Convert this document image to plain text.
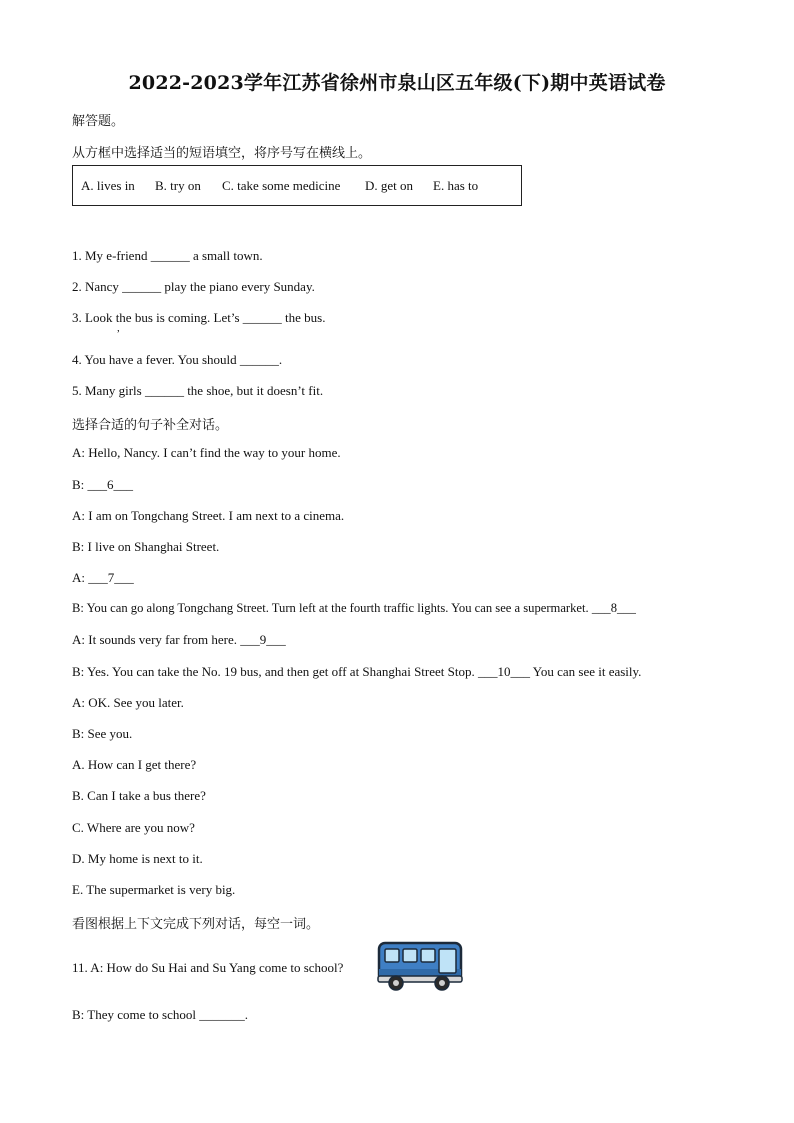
2022-2023学年江苏省徐州市泉山区五年级(下)期中英语试卷
解答题。
从方框中选择适当的短语填空，将序号写在横线上。
A. lives in B. try on C. take some medicine D. get on E. has to
1. My e-friend ______ a small town.
2. Nancy ______ play the piano every Sunday.
3. Look the bus is coming. Let’s ______ the bus.
,
4. You have a fever. You should ______.
5. Many girls ______ the shoe, but it doesn’t fit.
选择合适的句子补全对话。
A: Hello, Nancy. I can’t find the way to your home.
B: ___6___
A: I am on Tongchang Street. I am next to a cinema.
B: I live on Shanghai Street.
A: ___7___
B: You can go along Tongchang Street. Turn left at the fourth traffic lights. You can see a supermarket. ___8___
A: It sounds very far from here. ___9___
B: Yes. You can take the No. 19 bus, and then get off at Shanghai Street Stop. ___10___ You can see it easily.
A: OK. See you later.
B: See you.
A. How can I get there?
B. Can I take a bus there?
C. Where are you now?
D. My home is next to it.
E. The supermarket is very big.
看图根据上下文完成下列对话，每空一词。
11. A: How do Su Hai and Su Yang come to school?
B: They come to school _______.
